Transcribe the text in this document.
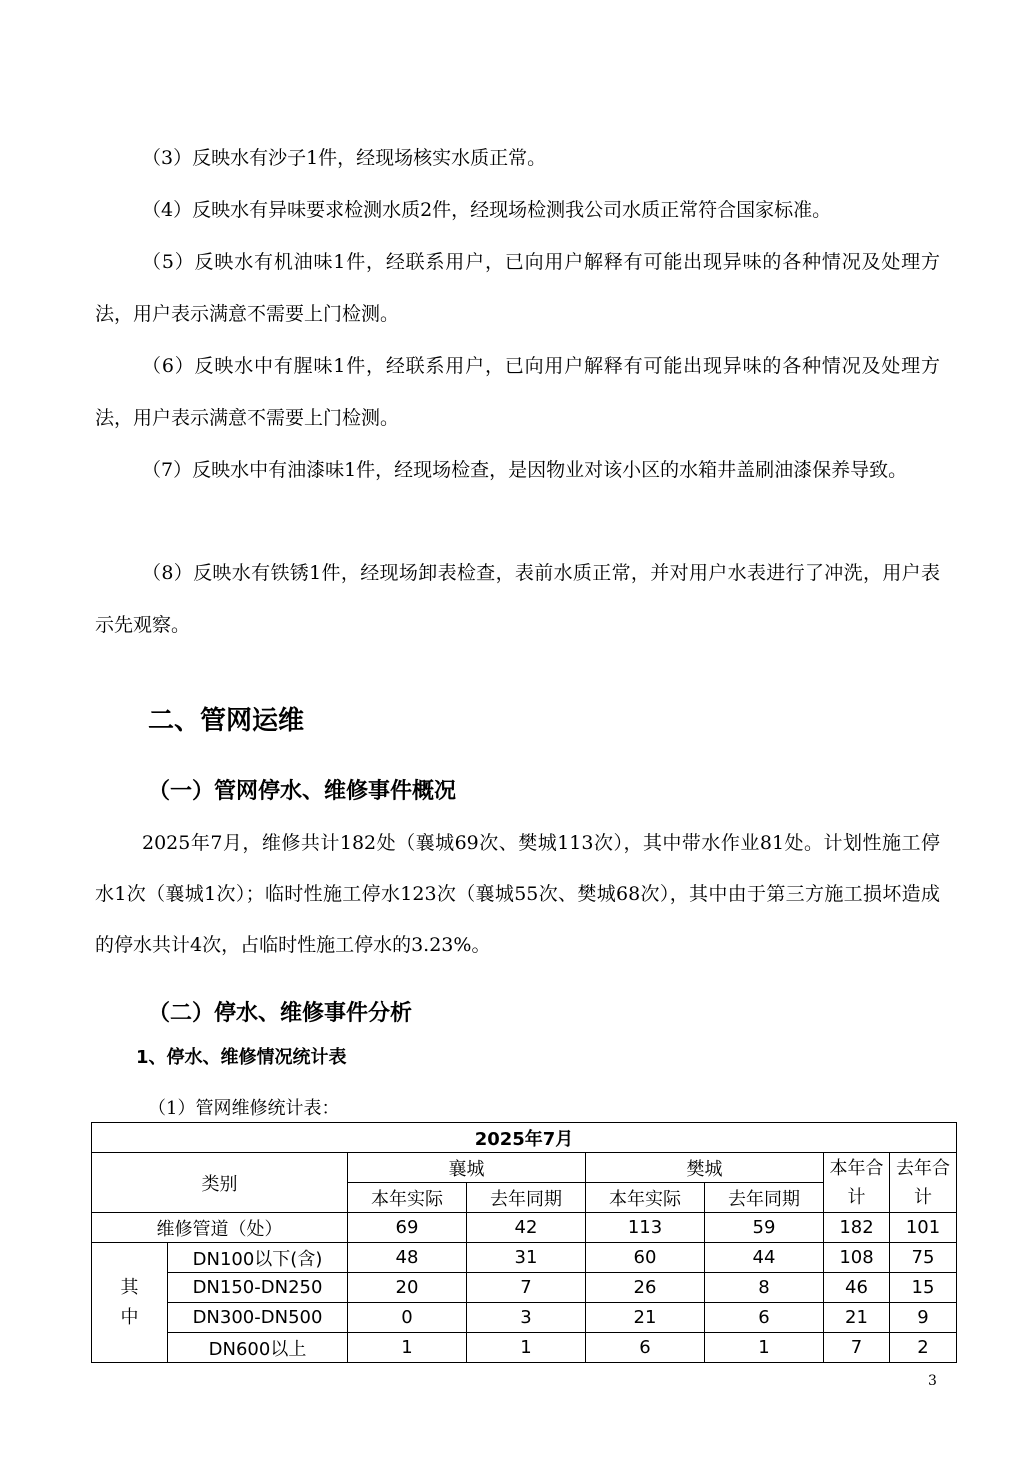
（3）反映水有沙子1件，经现场核实水质正常。

（4）反映水有异味要求检测水质2件，经现场检测我公司水质正常符合国家标准。

（5）反映水有机油味1件，经联系用户，已向用户解释有可能出现异味的各种情况及处理方法，用户表示满意不需要上门检测。

（6）反映水中有腥味1件，经联系用户，已向用户解释有可能出现异味的各种情况及处理方法，用户表示满意不需要上门检测。

（7）反映水中有油漆味1件，经现场检查，是因物业对该小区的水箱井盖刷油漆保养导致。

（8）反映水有铁锈1件，经现场卸表检查，表前水质正常，并对用户水表进行了冲洗，用户表示先观察。

二、管网运维
（一）管网停水、维修事件概况

2025年7月，维修共计182处（襄城69次、樊城113次），其中带水作业81处。计划性施工停水1次（襄城1次）；临时性施工停水123次（襄城55次、樊城68次），其中由于第三方施工损坏造成的停水共计4次，占临时性施工停水的3.23%。

（二）停水、维修事件分析
1、停水、维修情况统计表

（1）管网维修统计表：

2025年7月							
类别		襄城		樊城		本年合计	去年合计
		本年实际	去年同期	本年实际	去年同期		
维修管道（处）		69	42	113	59	182	101
其中	DN100以下(含)	48	31	60	44	108	75
	DN150-DN250	20	7	26	8	46	15
	DN300-DN500	0	3	21	6	21	9
	DN600以上	1	1	6	1	7	2
3
